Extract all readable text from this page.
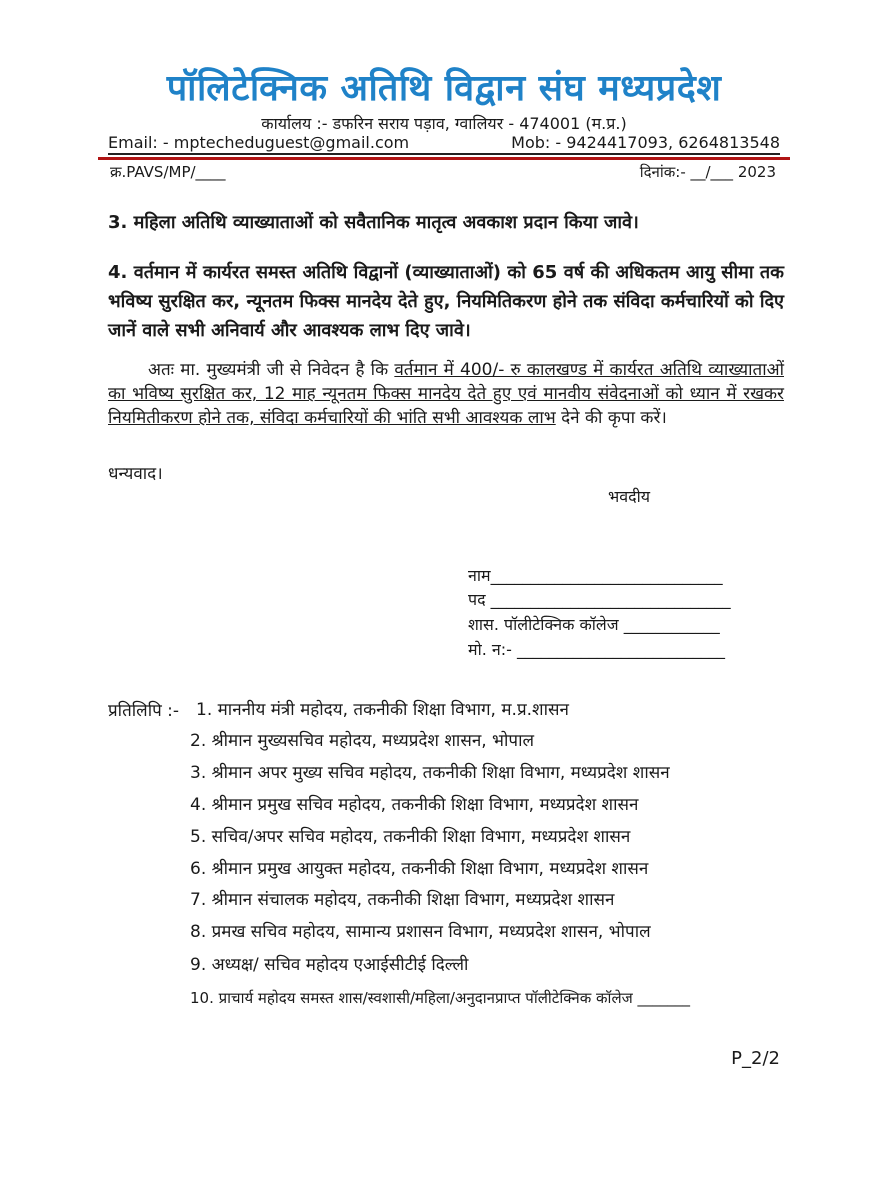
पॉलिटेक्निक अतिथि विद्वान संघ मध्यप्रदेश
कार्यालय :- डफरिन सराय पड़ाव, ग्वालियर - 474001 (म.प्र.)
Email: - mptecheduguest@gmail.com	Mob: - 9424417093, 6264813548
क्र.PAVS/MP/____	दिनांक:- __/___ 2023
3. महिला अतिथि व्याख्याताओं को सवैतानिक मातृत्व अवकाश प्रदान किया जावे।
4. वर्तमान में कार्यरत समस्त अतिथि विद्वानों (व्याख्याताओं) को 65 वर्ष की अधिकतम आयु सीमा तक भविष्य सुरक्षित कर, न्यूनतम फिक्स मानदेय देते हुए, नियमितिकरण होने तक संविदा कर्मचारियों को दिए जानें वाले सभी अनिवार्य और आवश्यक लाभ दिए जावे।
अतः मा. मुख्यमंत्री जी से निवेदन है कि वर्तमान में 400/- रु कालखण्ड में कार्यरत अतिथि व्याख्याताओं का भविष्य सुरक्षित कर, 12 माह न्यूनतम फिक्स मानदेय देते हुए एवं मानवीय संवेदनाओं को ध्यान में रखकर नियमितीकरण होने तक, संविदा कर्मचारियों की भांति सभी आवश्यक लाभ देने की कृपा करें।
धन्यवाद।
भवदीय
नाम_____________________________
पद ______________________________
शास. पॉलीटेक्निक कॉलेज ____________
मो. न:- __________________________
प्रतिलिपि :- 1. माननीय मंत्री महोदय, तकनीकी शिक्षा विभाग, म.प्र.शासन
2. श्रीमान मुख्यसचिव महोदय, मध्यप्रदेश शासन, भोपाल
3. श्रीमान अपर मुख्य सचिव महोदय, तकनीकी शिक्षा विभाग, मध्यप्रदेश शासन
4. श्रीमान प्रमुख सचिव महोदय, तकनीकी शिक्षा विभाग, मध्यप्रदेश शासन
5. सचिव/अपर सचिव महोदय, तकनीकी शिक्षा विभाग, मध्यप्रदेश शासन
6. श्रीमान प्रमुख आयुक्त महोदय, तकनीकी शिक्षा विभाग, मध्यप्रदेश शासन
7. श्रीमान संचालक महोदय, तकनीकी शिक्षा विभाग, मध्यप्रदेश शासन
8. प्रमख सचिव महोदय, सामान्य प्रशासन विभाग, मध्यप्रदेश शासन, भोपाल
9. अध्यक्ष/ सचिव महोदय एआईसीटीई दिल्ली
10. प्राचार्य महोदय समस्त शास/स्वशासी/महिला/अनुदानप्राप्त पॉलीटेक्निक कॉलेज _______
P_2/2
